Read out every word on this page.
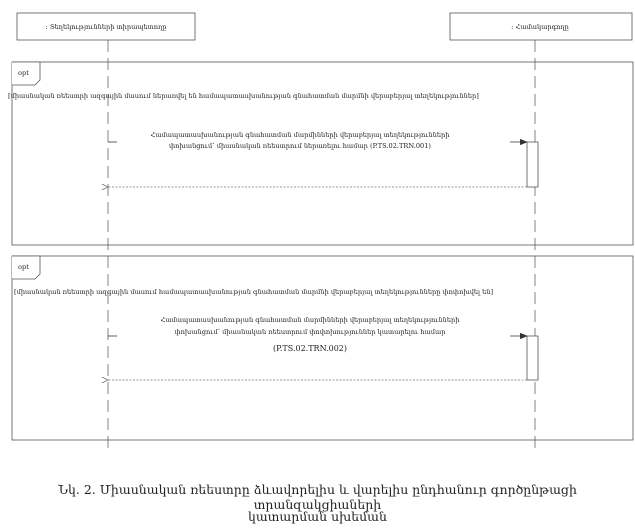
: Տեղեկությունների տիրապետողը	: Համակարգողը
opt
[միասնական ռեեստրի ազգային մասում ներառվել են համապատասխանության գնահատման մարմնի վերաբերյալ տեղեկություններ]
Համապատասխանության գնահատման մարմինների վերաբերյալ տեղեկությունների
փոխանցում՝ միասնական ռեեստրում ներառելու համար (P.TS.02.TRN.001)
opt
[միասնական ռեեստրի ազգային մասում համապատասխանության գնահատման մարմնի վերաբերյալ տեղեկությունները փոփոխվել են]
Համապատասխանության գնահատման մարմինների վերաբերյալ տեղեկությունների
փոխանցում՝ միասնական ռեեստրում փոփոխություններ կատարելու համար
(P.TS.02.TRN.002)
Նկ. 2. Միասնական ռեեստրը ձևավորելիս և վարելիս ընդհանուր գործընթացի տրանզակցիաների
կատարման սխեման
